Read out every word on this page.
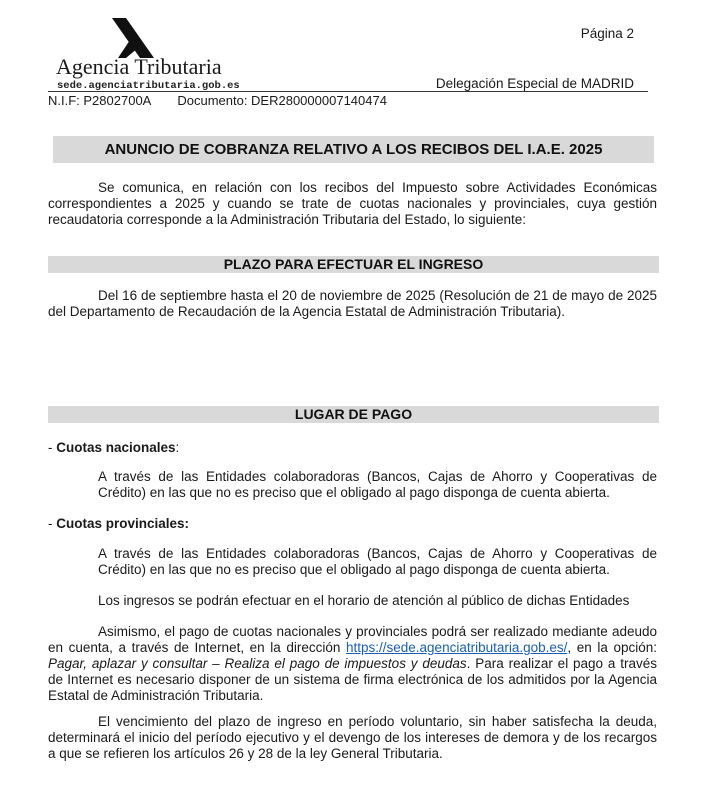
Agencia Tributaria
sede.agenciatributaria.gob.es
Página 2
Delegación Especial de MADRID
N.I.F: P2802700A Documento: DER280000007140474
ANUNCIO DE COBRANZA RELATIVO A LOS RECIBOS DEL I.A.E. 2025
Se comunica, en relación con los recibos del Impuesto sobre Actividades Económicas correspondientes a 2025 y cuando se trate de cuotas nacionales y provinciales, cuya gestión recaudatoria corresponde a la Administración Tributaria del Estado, lo siguiente:
PLAZO PARA EFECTUAR EL INGRESO
Del 16 de septiembre hasta el 20 de noviembre de 2025 (Resolución de 21 de mayo de 2025 del Departamento de Recaudación de la Agencia Estatal de Administración Tributaria).
LUGAR DE PAGO
- Cuotas nacionales:
A través de las Entidades colaboradoras (Bancos, Cajas de Ahorro y Cooperativas de Crédito) en las que no es preciso que el obligado al pago disponga de cuenta abierta.
- Cuotas provinciales:
A través de las Entidades colaboradoras (Bancos, Cajas de Ahorro y Cooperativas de Crédito) en las que no es preciso que el obligado al pago disponga de cuenta abierta.
Los ingresos se podrán efectuar en el horario de atención al público de dichas Entidades
Asimismo, el pago de cuotas nacionales y provinciales podrá ser realizado mediante adeudo en cuenta, a través de Internet, en la dirección https://sede.agenciatributaria.gob.es/, en la opción: Pagar, aplazar y consultar – Realiza el pago de impuestos y deudas. Para realizar el pago a través de Internet es necesario disponer de un sistema de firma electrónica de los admitidos por la Agencia Estatal de Administración Tributaria.
El vencimiento del plazo de ingreso en período voluntario, sin haber satisfecha la deuda, determinará el inicio del período ejecutivo y el devengo de los intereses de demora y de los recargos a que se refieren los artículos 26 y 28 de la ley General Tributaria.
